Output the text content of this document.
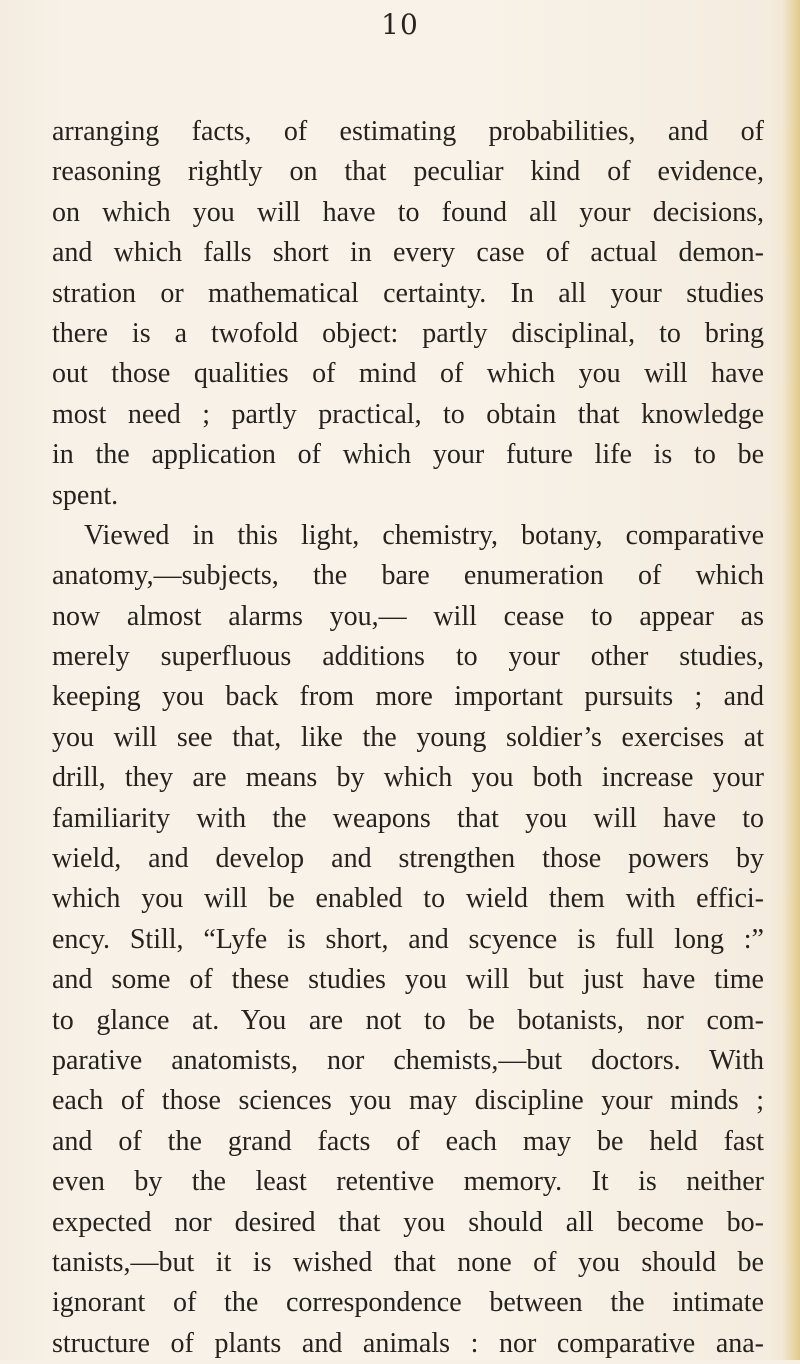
10
arranging facts, of estimating probabilities, and of
reasoning rightly on that peculiar kind of evidence,
on which you will have to found all your decisions,
and which falls short in every case of actual demon-
stration or mathematical certainty. In all your studies
there is a twofold object: partly disciplinal, to bring
out those qualities of mind of which you will have
most need ; partly practical, to obtain that knowledge
in the application of which your future life is to be
spent.
Viewed in this light, chemistry, botany, comparative
anatomy,—subjects, the bare enumeration of which
now almost alarms you,— will cease to appear as
merely superfluous additions to your other studies,
keeping you back from more important pursuits ; and
you will see that, like the young soldier’s exercises at
drill, they are means by which you both increase your
familiarity with the weapons that you will have to
wield, and develop and strengthen those powers by
which you will be enabled to wield them with effici-
ency. Still, “Lyfe is short, and scyence is full long :”
and some of these studies you will but just have time
to glance at. You are not to be botanists, nor com-
parative anatomists, nor chemists,—but doctors. With
each of those sciences you may discipline your minds ;
and of the grand facts of each may be held fast
even by the least retentive memory. It is neither
expected nor desired that you should all become bo-
tanists,—but it is wished that none of you should be
ignorant of the correspondence between the intimate
structure of plants and animals : nor comparative ana-
